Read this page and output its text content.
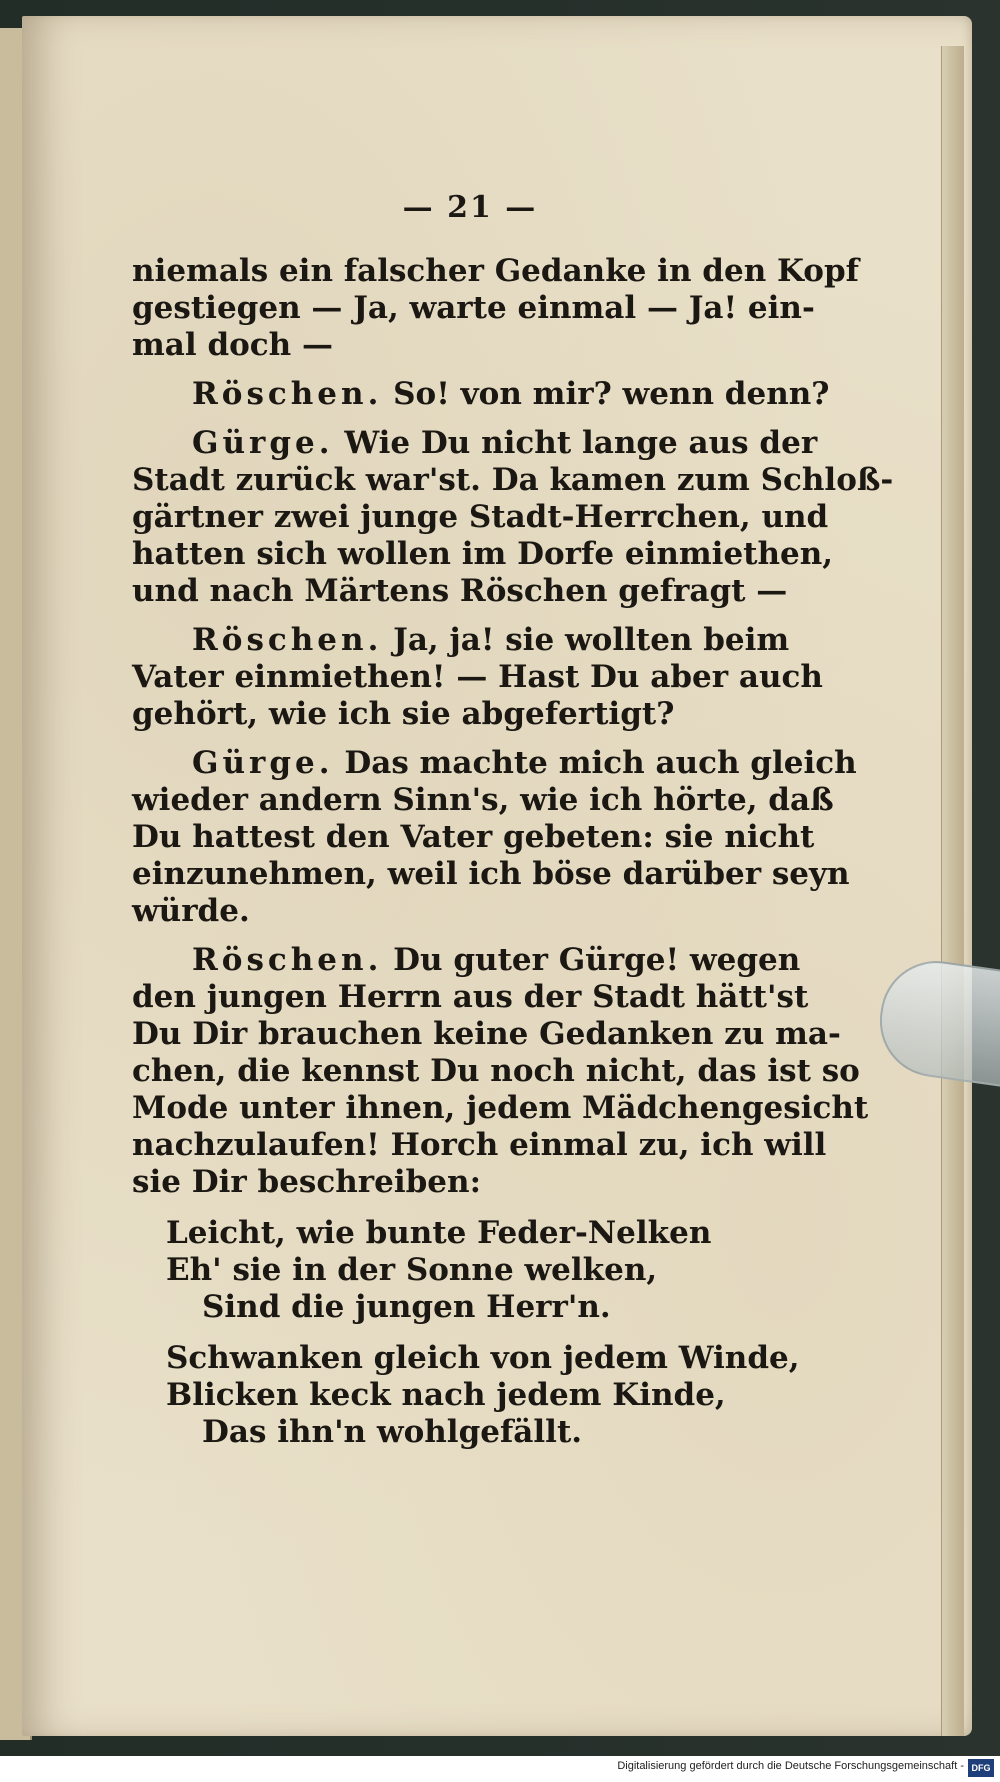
— 21 —
niemals ein falscher Gedanke in den Kopf
gestiegen — Ja, warte einmal — Ja! ein-
mal doch —
Röschen. So! von mir? wenn denn?
Gürge. Wie Du nicht lange aus der
Stadt zurück war'st. Da kamen zum Schloß-
gärtner zwei junge Stadt-Herrchen, und
hatten sich wollen im Dorfe einmiethen,
und nach Märtens Röschen gefragt —
Röschen. Ja, ja! sie wollten beim
Vater einmiethen! — Hast Du aber auch
gehört, wie ich sie abgefertigt?
Gürge. Das machte mich auch gleich
wieder andern Sinn's, wie ich hörte, daß
Du hattest den Vater gebeten: sie nicht
einzunehmen, weil ich böse darüber seyn
würde.
Röschen. Du guter Gürge! wegen
den jungen Herrn aus der Stadt hätt'st
Du Dir brauchen keine Gedanken zu ma-
chen, die kennst Du noch nicht, das ist so
Mode unter ihnen, jedem Mädchengesicht
nachzulaufen! Horch einmal zu, ich will
sie Dir beschreiben:
Leicht, wie bunte Feder-Nelken
Eh' sie in der Sonne welken,
Sind die jungen Herr'n.
Schwanken gleich von jedem Winde,
Blicken keck nach jedem Kinde,
Das ihn'n wohlgefällt.
Digitalisierung gefördert durch die Deutsche Forschungsgemeinschaft - DFG
